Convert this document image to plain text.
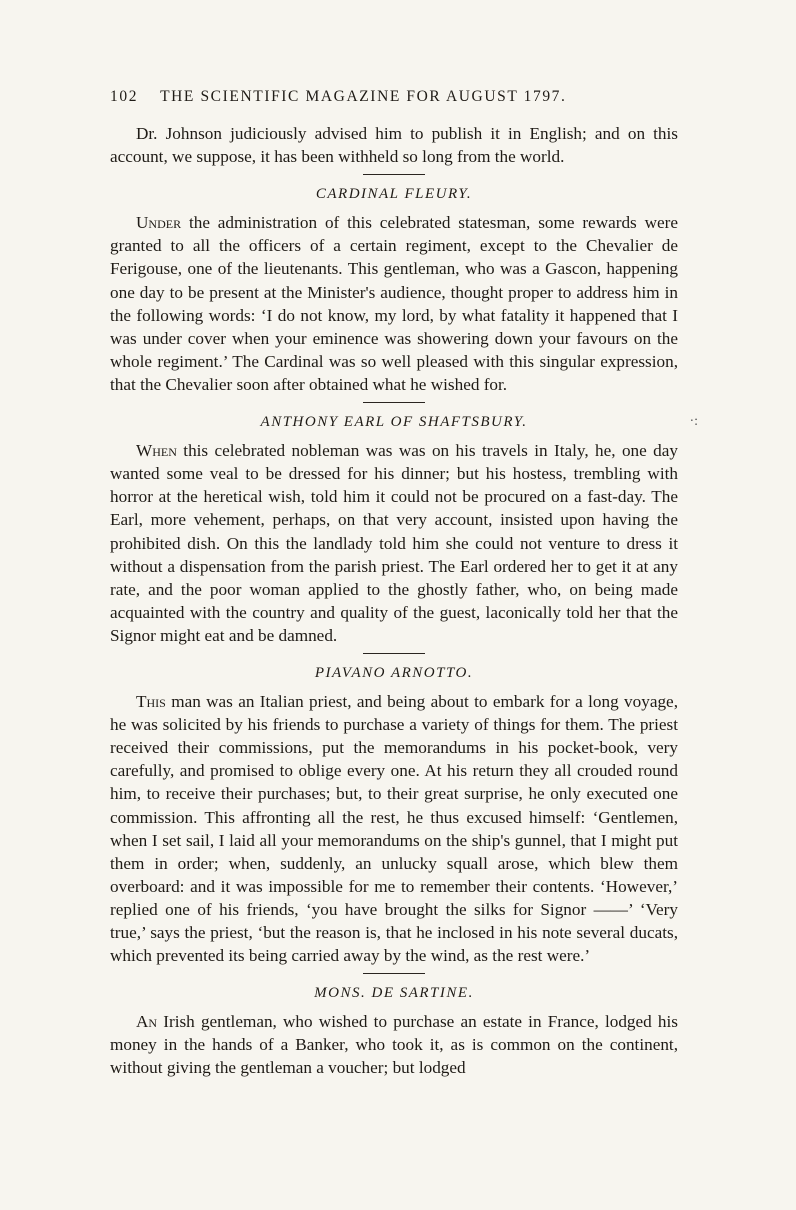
102 THE SCIENTIFIC MAGAZINE FOR AUGUST 1797.
·:

Dr. Johnson judiciously advised him to publish it in English; and on this account, we suppose, it has been withheld so long from the world.

CARDINAL FLEURY.

Under the administration of this celebrated statesman, some rewards were granted to all the officers of a certain regiment, except to the Chevalier de Ferigouse, one of the lieutenants. This gentleman, who was a Gascon, happening one day to be present at the Minister's audience, thought proper to address him in the following words: ‘I do not know, my lord, by what fatality it happened that I was under cover when your eminence was showering down your favours on the whole regiment.’ The Cardinal was so well pleased with this singular expression, that the Chevalier soon after obtained what he wished for.

ANTHONY EARL OF SHAFTSBURY.

When this celebrated nobleman was was on his travels in Italy, he, one day wanted some veal to be dressed for his dinner; but his hostess, trembling with horror at the heretical wish, told him it could not be procured on a fast-day. The Earl, more vehement, perhaps, on that very account, insisted upon having the prohibited dish. On this the landlady told him she could not venture to dress it without a dispensation from the parish priest. The Earl ordered her to get it at any rate, and the poor woman applied to the ghostly father, who, on being made acquainted with the country and quality of the guest, laconically told her that the Signor might eat and be damned.

PIAVANO ARNOTTO.

This man was an Italian priest, and being about to embark for a long voyage, he was solicited by his friends to purchase a variety of things for them. The priest received their commissions, put the memorandums in his pocket-book, very carefully, and promised to oblige every one. At his return they all crouded round him, to receive their purchases; but, to their great surprise, he only executed one commission. This affronting all the rest, he thus excused himself: ‘Gentlemen, when I set sail, I laid all your memorandums on the ship's gunnel, that I might put them in order; when, suddenly, an unlucky squall arose, which blew them overboard: and it was impossible for me to remember their contents. ‘However,’ replied one of his friends, ‘you have brought the silks for Signor ——’ ‘Very true,’ says the priest, ‘but the reason is, that he inclosed in his note several ducats, which prevented its being carried away by the wind, as the rest were.’

MONS. DE SARTINE.

An Irish gentleman, who wished to purchase an estate in France, lodged his money in the hands of a Banker, who took it, as is common on the continent, without giving the gentleman a voucher; but lodged
